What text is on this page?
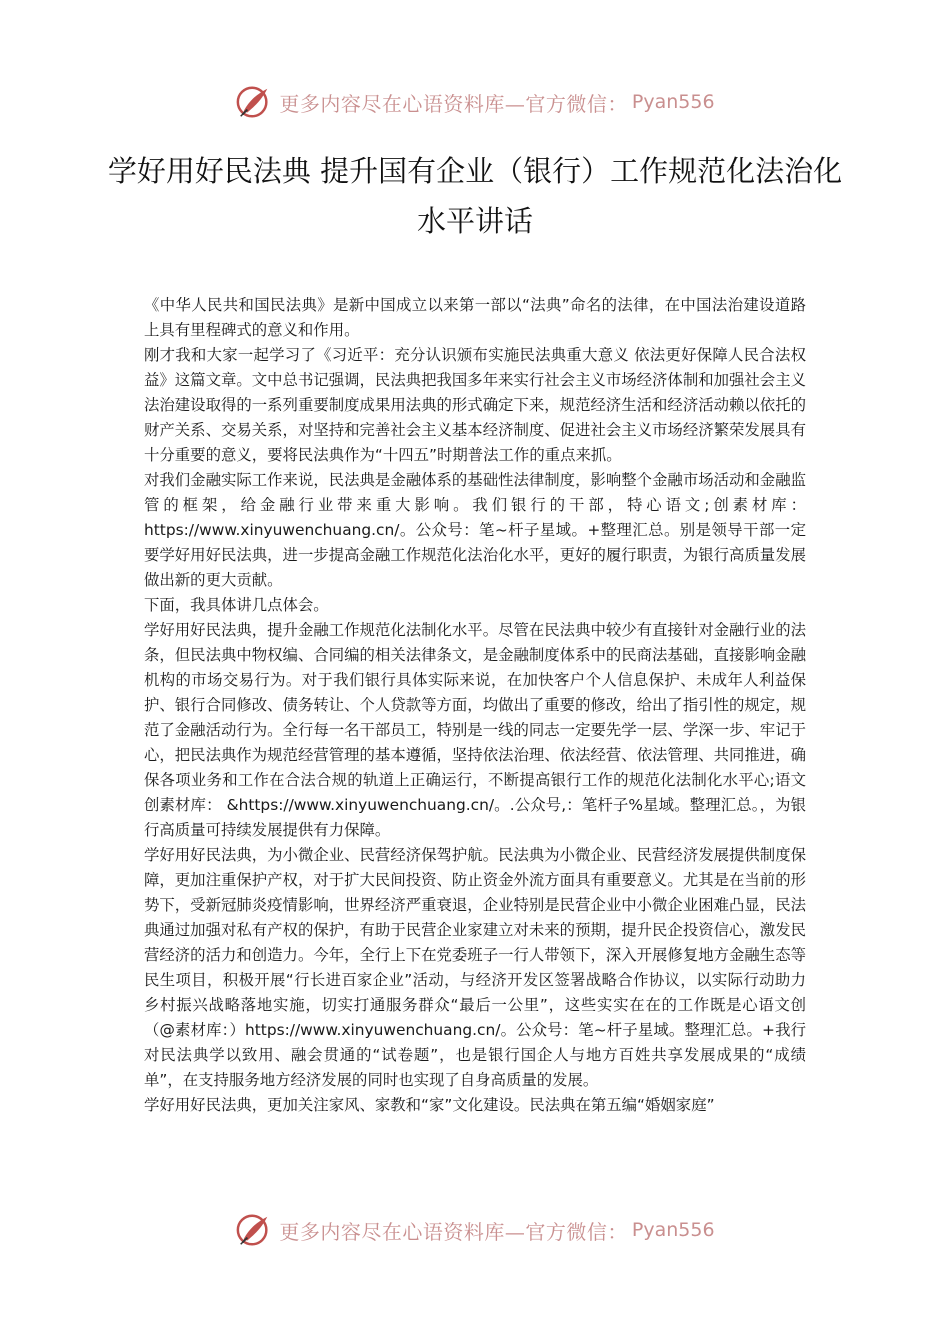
更多内容尽在心语资料库—官方微信： Pyan556
学好用好民法典 提升国有企业（银行）工作规范化法治化水平讲话

《中华人民共和国民法典》是新中国成立以来第一部以“法典”命名的法律，在中国法治建设道路上具有里程碑式的意义和作用。

刚才我和大家一起学习了《习近平：充分认识颁布实施民法典重大意义 依法更好保障人民合法权益》这篇文章。文中总书记强调，民法典把我国多年来实行社会主义市场经济体制和加强社会主义法治建设取得的一系列重要制度成果用法典的形式确定下来，规范经济生活和经济活动赖以依托的财产关系、交易关系，对坚持和完善社会主义基本经济制度、促进社会主义市场经济繁荣发展具有十分重要的意义，要将民法典作为“十四五”时期普法工作的重点来抓。

对我们金融实际工作来说，民法典是金融体系的基础性法律制度，影响整个金融市场活动和金融监管的框架，给金融行业带来重大影响。我们银行的干部，特心语文;创素材库：https://www.xinyuwenchuang.cn/。公众号：笔~杆子星域。+整理汇总。别是领导干部一定要学好用好民法典，进一步提高金融工作规范化法治化水平，更好的履行职责，为银行高质量发展做出新的更大贡献。

下面，我具体讲几点体会。

学好用好民法典，提升金融工作规范化法制化水平。尽管在民法典中较少有直接针对金融行业的法条，但民法典中物权编、合同编的相关法律条文，是金融制度体系中的民商法基础，直接影响金融机构的市场交易行为。对于我们银行具体实际来说，在加快客户个人信息保护、未成年人利益保护、银行合同修改、债务转让、个人贷款等方面，均做出了重要的修改，给出了指引性的规定，规范了金融活动行为。全行每一名干部员工，特别是一线的同志一定要先学一层、学深一步、牢记于心，把民法典作为规范经营管理的基本遵循，坚持依法治理、依法经营、依法管理、共同推进，确保各项业务和工作在合法合规的轨道上正确运行，不断提高银行工作的规范化法制化水平心;语文创素材库： &https://www.xinyuwenchuang.cn/。.公众号,：笔杆子%星域。整理汇总。，为银行高质量可持续发展提供有力保障。

学好用好民法典，为小微企业、民营经济保驾护航。民法典为小微企业、民营经济发展提供制度保障，更加注重保护产权，对于扩大民间投资、防止资金外流方面具有重要意义。尤其是在当前的形势下，受新冠肺炎疫情影响，世界经济严重衰退，企业特别是民营企业中小微企业困难凸显，民法典通过加强对私有产权的保护，有助于民营企业家建立对未来的预期，提升民企投资信心，激发民营经济的活力和创造力。今年，全行上下在党委班子一行人带领下，深入开展修复地方金融生态等民生项目，积极开展“行长进百家企业”活动，与经济开发区签署战略合作协议，以实际行动助力乡村振兴战略落地实施，切实打通服务群众“最后一公里”，这些实实在在的工作既是心语文创（@素材库：）https://www.xinyuwenchuang.cn/。公众号：笔~杆子星域。整理汇总。+我行对民法典学以致用、融会贯通的“试卷题”，也是银行国企人与地方百姓共享发展成果的“成绩单”，在支持服务地方经济发展的同时也实现了自身高质量的发展。

学好用好民法典，更加关注家风、家教和“家”文化建设。民法典在第五编“婚姻家庭”

更多内容尽在心语资料库—官方微信： Pyan556
